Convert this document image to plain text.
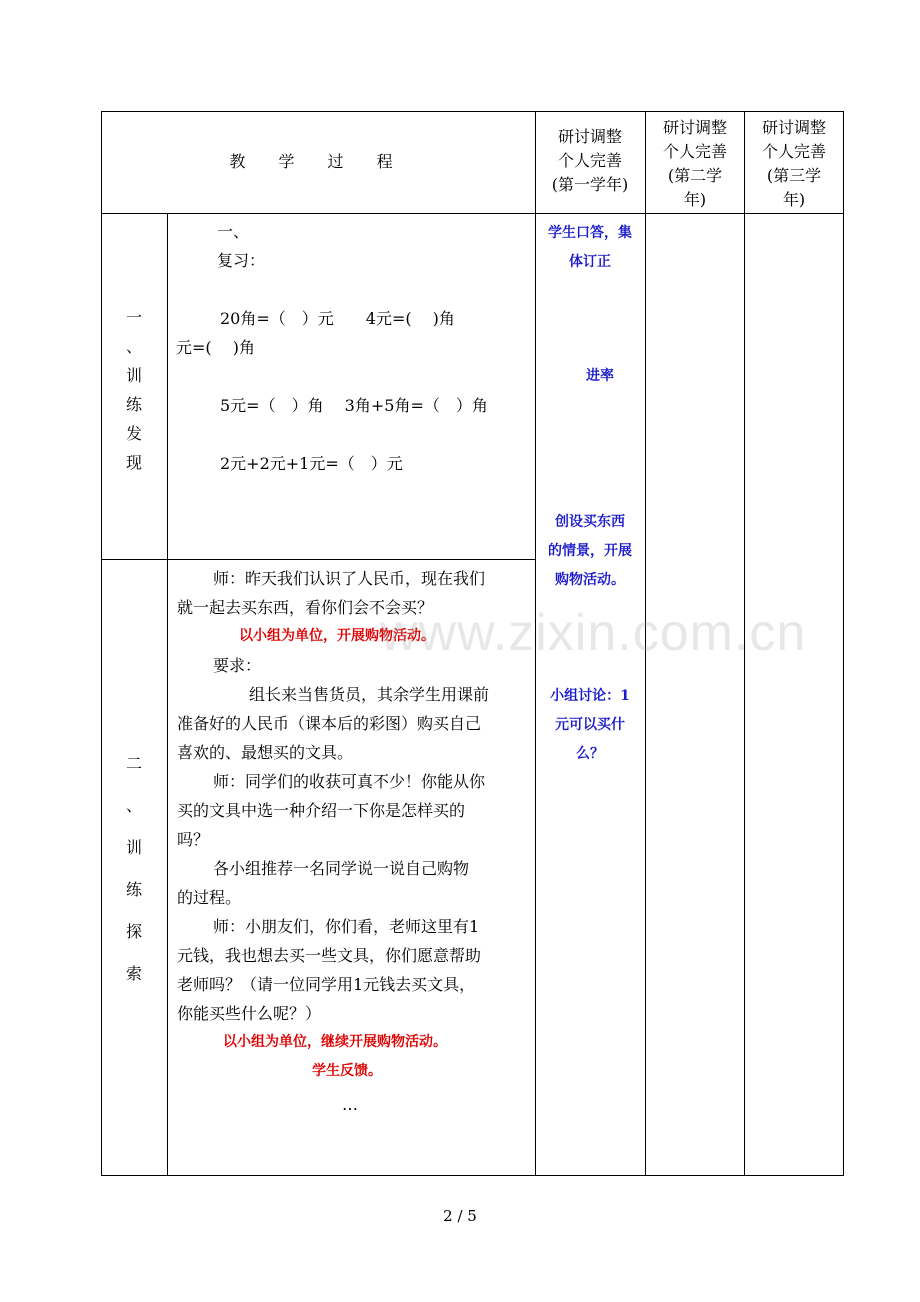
教 学 过 程
研讨调整
个人完善
(第一学年)
研讨调整
个人完善
(第二学
年)
研讨调整
个人完善
(第三学
年)
一
、
训
练
发
现
一、
复习：
20角=（　）元　　4元=(　 )角
元=(　 )角
5元=（　）角　 3角+5角=（　）角
2元+2元+1元=（　）元
二
、
训
练
探
索
师：昨天我们认识了人民币，现在我们
就一起去买东西，看你们会不会买？
以小组为单位，开展购物活动。
要求：
组长来当售货员，其余学生用课前
准备好的人民币（课本后的彩图）购买自己
喜欢的、最想买的文具。
师：同学们的收获可真不少！你能从你
买的文具中选一种介绍一下你是怎样买的
吗？
各小组推荐一名同学说一说自己购物
的过程。
师：小朋友们，你们看，老师这里有1
元钱，我也想去买一些文具，你们愿意帮助
老师吗？（请一位同学用1元钱去买文具，
你能买些什么呢？）
以小组为单位，继续开展购物活动。
学生反馈。
…
学生口答，集
体订正
进率
创设买东西
的情景，开展
购物活动。
小组讨论：1
元可以买什
么？
www.zixin.com.cn
2 / 5
